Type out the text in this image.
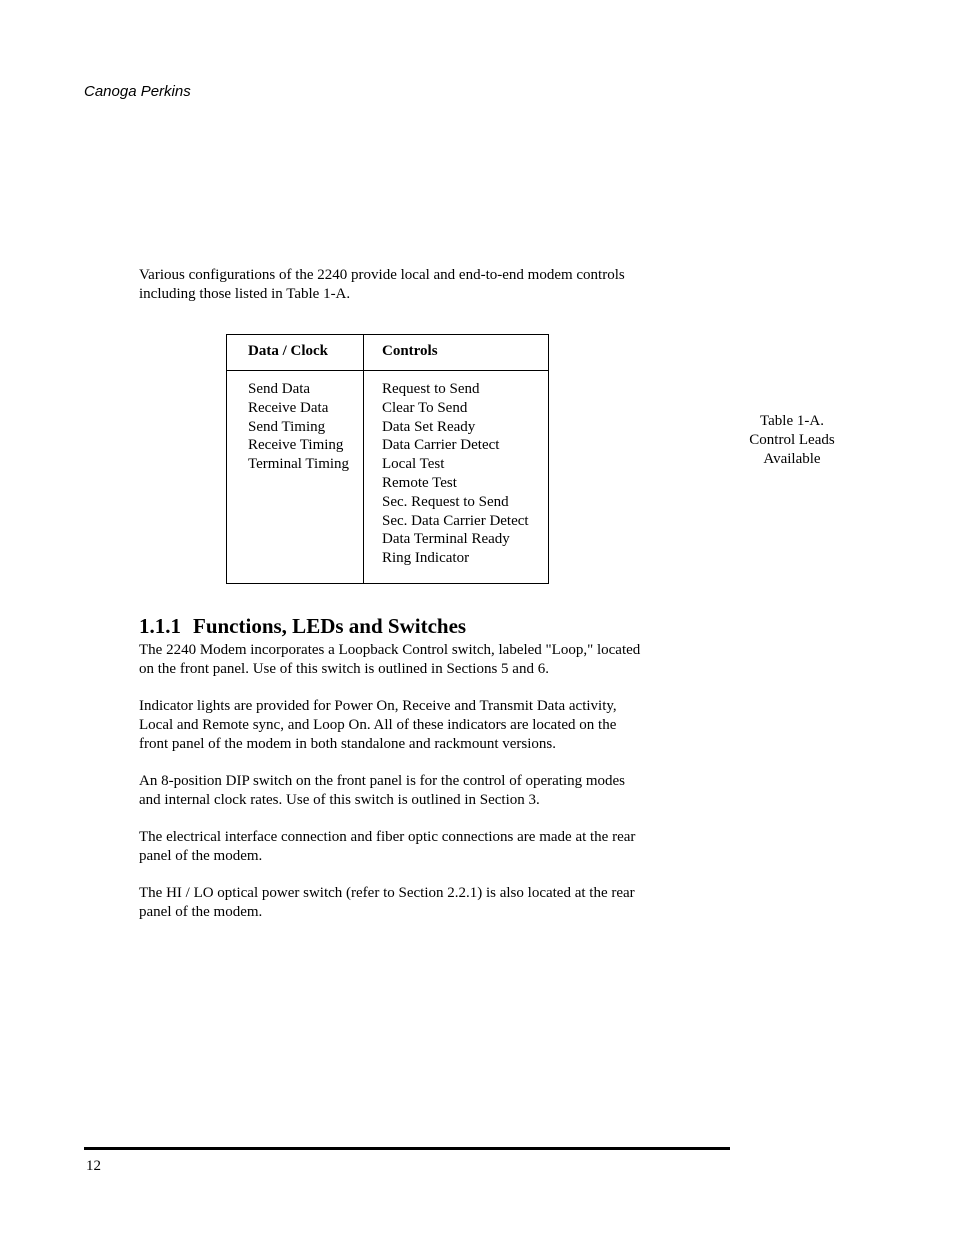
Canoga Perkins

Various configurations of the 2240 provide local and end-to-end modem controls
including those listed in Table 1-A.

Data / Clock	Controls
Send Data
Receive Data
Send Timing
Receive Timing
Terminal Timing
Request to Send
Clear To Send
Data Set Ready
Data Carrier Detect
Local Test
Remote Test
Sec. Request to Send
Sec. Data Carrier Detect
Data Terminal Ready
Ring Indicator
Table 1-A.
Control Leads
Available
1.1.1 Functions, LEDs and Switches

The 2240 Modem incorporates a Loopback Control switch, labeled "Loop," located
on the front panel. Use of this switch is outlined in Sections 5 and 6.

Indicator lights are provided for Power On, Receive and Transmit Data activity,
Local and Remote sync, and Loop On. All of these indicators are located on the
front panel of the modem in both standalone and rackmount versions.

An 8-position DIP switch on the front panel is for the control of operating modes
and internal clock rates. Use of this switch is outlined in Section 3.

The electrical interface connection and fiber optic connections are made at the rear
panel of the modem.

The HI / LO optical power switch (refer to Section 2.2.1) is also located at the rear
panel of the modem.

12
